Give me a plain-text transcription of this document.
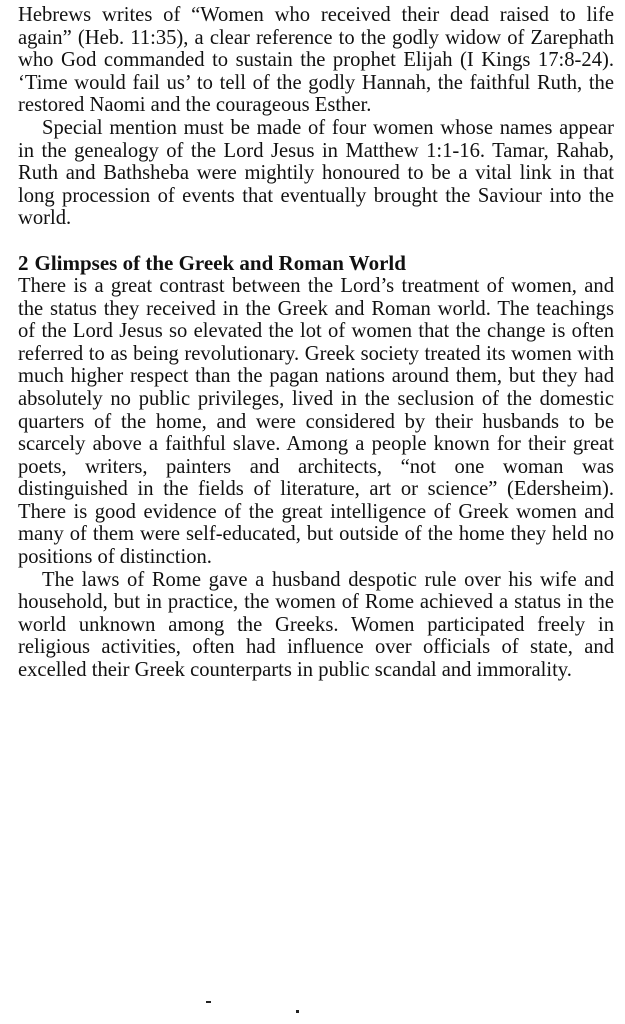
Hebrews writes of “Women who received their dead raised to life again” (Heb. 11:35), a clear reference to the godly widow of Zarephath who God commanded to sustain the prophet Elijah (I Kings 17:8-24). ‘Time would fail us’ to tell of the godly Hannah, the faithful Ruth, the restored Naomi and the courageous Esther.

Special mention must be made of four women whose names appear in the genealogy of the Lord Jesus in Matthew 1:1-16. Tamar, Rahab, Ruth and Bathsheba were mightily honoured to be a vital link in that long procession of events that eventually brought the Saviour into the world.

2 Glimpses of the Greek and Roman World

There is a great contrast between the Lord’s treatment of women, and the status they received in the Greek and Roman world. The teachings of the Lord Jesus so elevated the lot of women that the change is often referred to as being revolutionary. Greek society treated its women with much higher respect than the pagan nations around them, but they had absolutely no public privileges, lived in the seclusion of the domestic quarters of the home, and were considered by their husbands to be scarcely above a faithful slave. Among a people known for their great poets, writers, painters and architects, “not one woman was distinguished in the fields of literature, art or science” (Edersheim). There is good evidence of the great intelligence of Greek women and many of them were self-educated, but outside of the home they held no positions of distinction.

The laws of Rome gave a husband despotic rule over his wife and household, but in practice, the women of Rome achieved a status in the world unknown among the Greeks. Women participated freely in religious activities, often had influence over officials of state, and excelled their Greek counterparts in public scandal and immorality.
